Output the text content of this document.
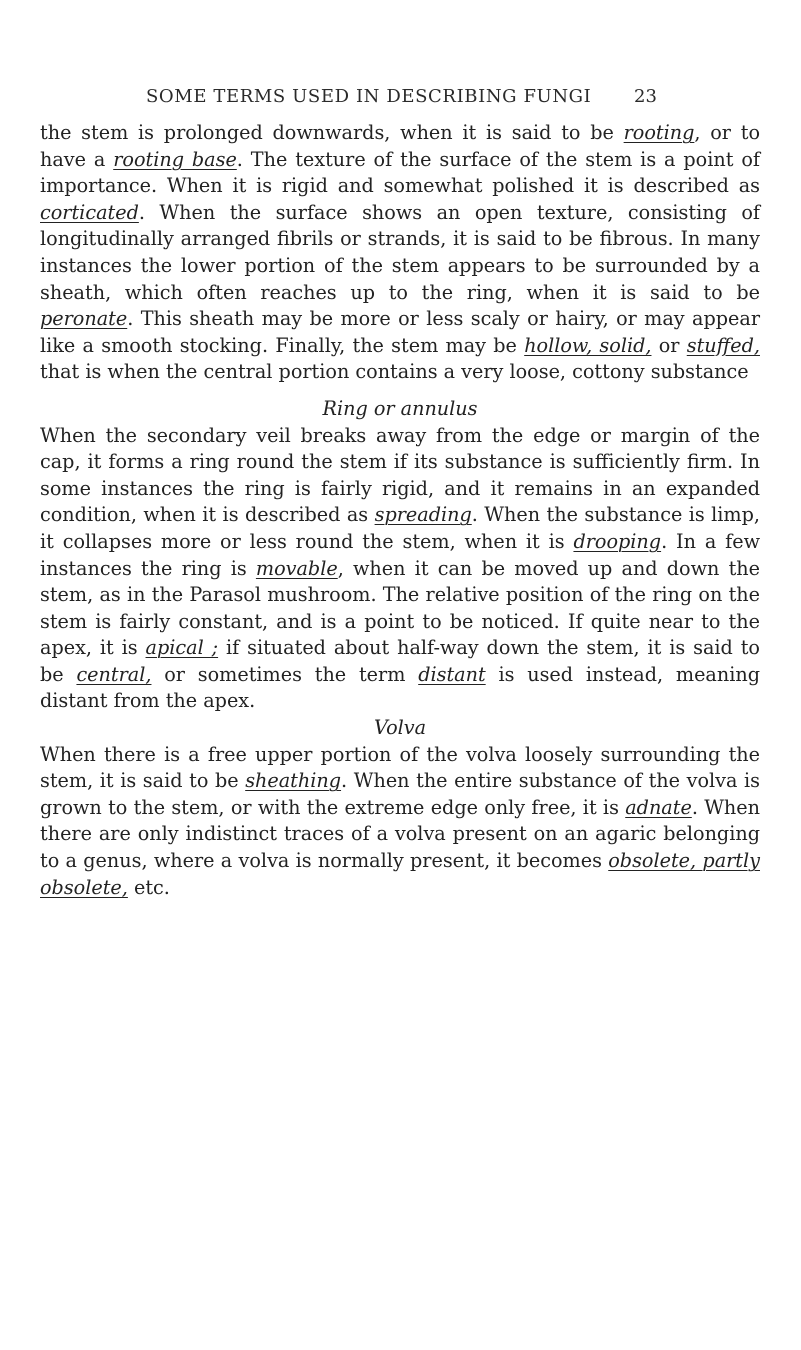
SOME TERMS USED IN DESCRIBING FUNGI 23

the stem is prolonged downwards, when it is said to be rooting, or to have a rooting base. The texture of the surface of the stem is a point of importance. When it is rigid and somewhat polished it is described as corticated. When the surface shows an open texture, consisting of longitudinally arranged fibrils or strands, it is said to be fibrous. In many instances the lower portion of the stem appears to be surrounded by a sheath, which often reaches up to the ring, when it is said to be peronate. This sheath may be more or less scaly or hairy, or may appear like a smooth stocking. Finally, the stem may be hollow, solid, or stuffed, that is when the central portion contains a very loose, cottony substance

Ring or annulus

When the secondary veil breaks away from the edge or margin of the cap, it forms a ring round the stem if its substance is sufficiently firm. In some instances the ring is fairly rigid, and it remains in an expanded condition, when it is described as spreading. When the substance is limp, it collapses more or less round the stem, when it is drooping. In a few instances the ring is movable, when it can be moved up and down the stem, as in the Parasol mushroom. The relative position of the ring on the stem is fairly constant, and is a point to be noticed. If quite near to the apex, it is apical ; if situated about half-way down the stem, it is said to be central, or sometimes the term distant is used instead, meaning distant from the apex.

Volva

When there is a free upper portion of the volva loosely surrounding the stem, it is said to be sheathing. When the entire substance of the volva is grown to the stem, or with the extreme edge only free, it is adnate. When there are only indistinct traces of a volva present on an agaric belonging to a genus, where a volva is normally present, it becomes obsolete, partly obsolete, etc.
